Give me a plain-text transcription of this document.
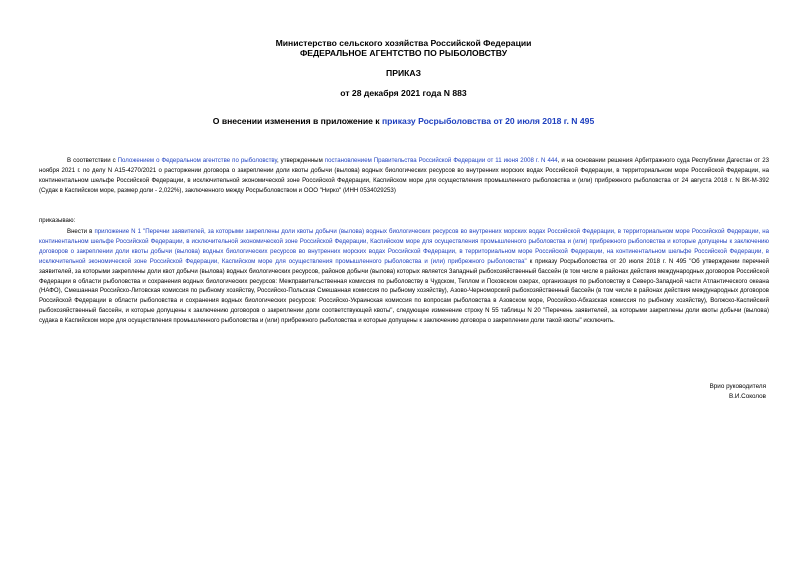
Министерство сельского хозяйства Российской Федерации
ФЕДЕРАЛЬНОЕ АГЕНТСТВО ПО РЫБОЛОВСТВУ
ПРИКАЗ
от 28 декабря 2021 года N 883
О внесении изменения в приложение к приказу Росрыболовства от 20 июля 2018 г. N 495
В соответствии с Положением о Федеральном агентстве по рыболовству, утвержденным постановлением Правительства Российской Федерации от 11 июня 2008 г. N 444, и на основании решения Арбитражного суда Республики Дагестан от 23 ноября 2021 г. по делу N А15-4270/2021 о расторжении договора о закреплении доли квоты добычи (вылова) водных биологических ресурсов во внутренних морских водах Российской Федерации, в территориальном море Российской Федерации, на континентальном шельфе Российской Федерации, в исключительной экономической зоне Российской Федерации, Каспийском море для осуществления промышленного рыболовства и (или) прибрежного рыболовства от 24 августа 2018 г. N ВК-М-392 (Судак в Каспийском море, размер доли - 2,022%), заключенного между Росрыболовством и ООО "Нирко" (ИНН 0534029253)
приказываю:
Внести в приложение N 1 "Перечни заявителей, за которыми закреплены доли квоты добычи (вылова) водных биологических ресурсов во внутренних морских водах Российской Федерации, в территориальном море Российской Федерации, на континентальном шельфе Российской Федерации, в исключительной экономической зоне Российской Федерации, Каспийском море для осуществления промышленного рыболовства и (или) прибрежного рыболовства и которые допущены к заключению договоров о закреплении доли квоты добычи (вылова) водных биологических ресурсов во внутренних морских водах Российской Федерации, в территориальном море Российской Федерации, на континентальном шельфе Российской Федерации, в исключительной экономической зоне Российской Федерации, Каспийском море для осуществления промышленного рыболовства и (или) прибрежного рыболовства" к приказу Росрыболовства от 20 июля 2018 г. N 495 "Об утверждении перечней заявителей, за которыми закреплены доли квот добычи (вылова) водных биологических ресурсов, районов добычи (вылова) которых является Западный рыбохозяйственный бассейн (в том числе в районах действия международных договоров Российской Федерации в области рыболовства и сохранения водных биологических ресурсов: Межправительственная комиссия по рыболовству в Чудском, Теплом и Псковском озерах, организация по рыболовству в Северо-Западной части Атлантического океана (НАФО), Смешанная Российско-Литовская комиссия по рыбному хозяйству, Российско-Польская Смешанная комиссия по рыбному хозяйству), Азово-Черноморский рыбохозяйственный бассейн (в том числе в районах действия международных договоров Российской Федерации в области рыболовства и сохранения водных биологических ресурсов: Российско-Украинская комиссия по вопросам рыболовства в Азовском море, Российско-Абхазская комиссия по рыбному хозяйству), Волжско-Каспийский рыбохозяйственный бассейн, и которые допущены к заключению договоров о закреплении доли соответствующей квоты", следующее изменение строку N 55 таблицы N 20 "Перечень заявителей, за которыми закреплены доли квоты добычи (вылова) судака в Каспийском море для осуществления промышленного рыболовства и (или) прибрежного рыболовства и которые допущены к заключению договора о закреплении доли такой квоты" исключить.
Врио руководителя
В.И.Соколов
